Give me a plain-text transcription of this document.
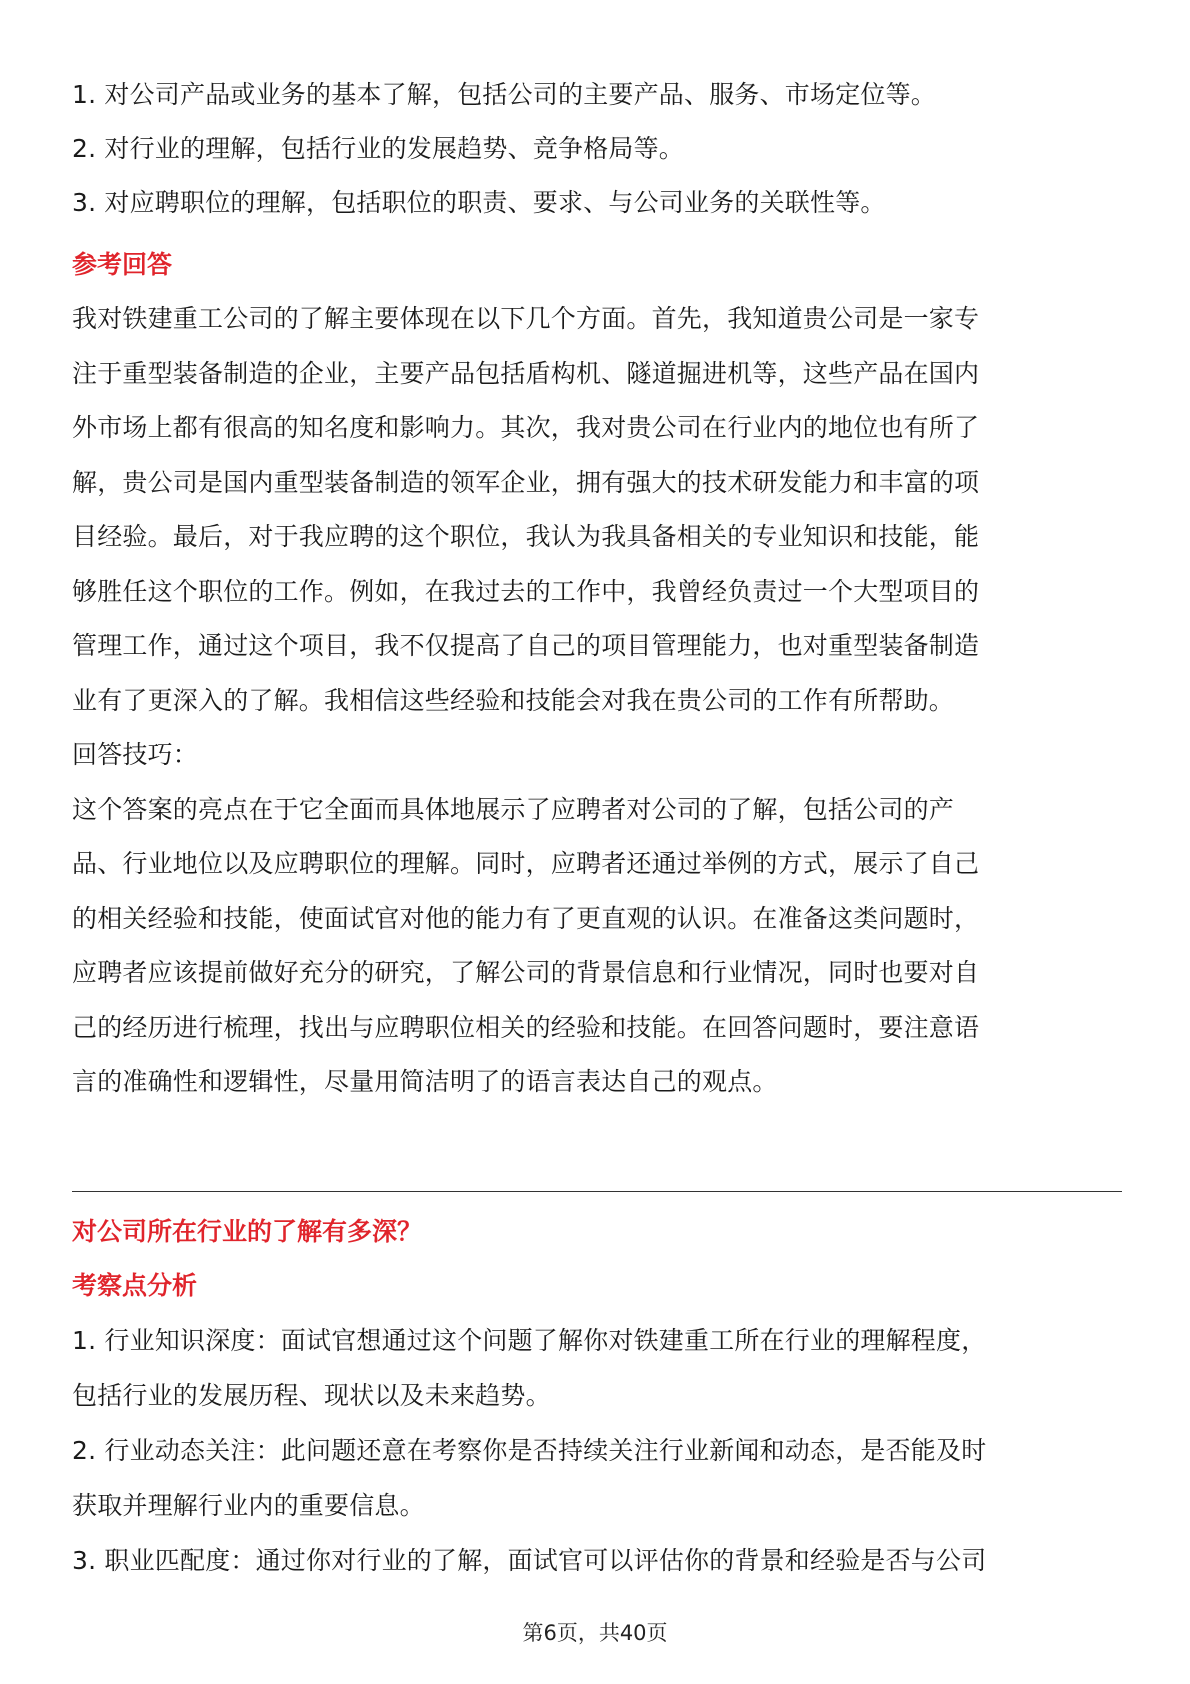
1. 对公司产品或业务的基本了解，包括公司的主要产品、服务、市场定位等。

2. 对行业的理解，包括行业的发展趋势、竞争格局等。

3. 对应聘职位的理解，包括职位的职责、要求、与公司业务的关联性等。

参考回答

我对铁建重工公司的了解主要体现在以下几个方面。首先，我知道贵公司是一家专

注于重型装备制造的企业，主要产品包括盾构机、隧道掘进机等，这些产品在国内

外市场上都有很高的知名度和影响力。其次，我对贵公司在行业内的地位也有所了

解，贵公司是国内重型装备制造的领军企业，拥有强大的技术研发能力和丰富的项

目经验。最后，对于我应聘的这个职位，我认为我具备相关的专业知识和技能，能

够胜任这个职位的工作。例如，在我过去的工作中，我曾经负责过一个大型项目的

管理工作，通过这个项目，我不仅提高了自己的项目管理能力，也对重型装备制造

业有了更深入的了解。我相信这些经验和技能会对我在贵公司的工作有所帮助。

回答技巧：

这个答案的亮点在于它全面而具体地展示了应聘者对公司的了解，包括公司的产

品、行业地位以及应聘职位的理解。同时，应聘者还通过举例的方式，展示了自己

的相关经验和技能，使面试官对他的能力有了更直观的认识。在准备这类问题时，

应聘者应该提前做好充分的研究，了解公司的背景信息和行业情况，同时也要对自

己的经历进行梳理，找出与应聘职位相关的经验和技能。在回答问题时，要注意语

言的准确性和逻辑性，尽量用简洁明了的语言表达自己的观点。

对公司所在行业的了解有多深？
考察点分析

1. 行业知识深度：面试官想通过这个问题了解你对铁建重工所在行业的理解程度，

包括行业的发展历程、现状以及未来趋势。

2. 行业动态关注：此问题还意在考察你是否持续关注行业新闻和动态，是否能及时

获取并理解行业内的重要信息。

3. 职业匹配度：通过你对行业的了解，面试官可以评估你的背景和经验是否与公司

第6页，共40页
